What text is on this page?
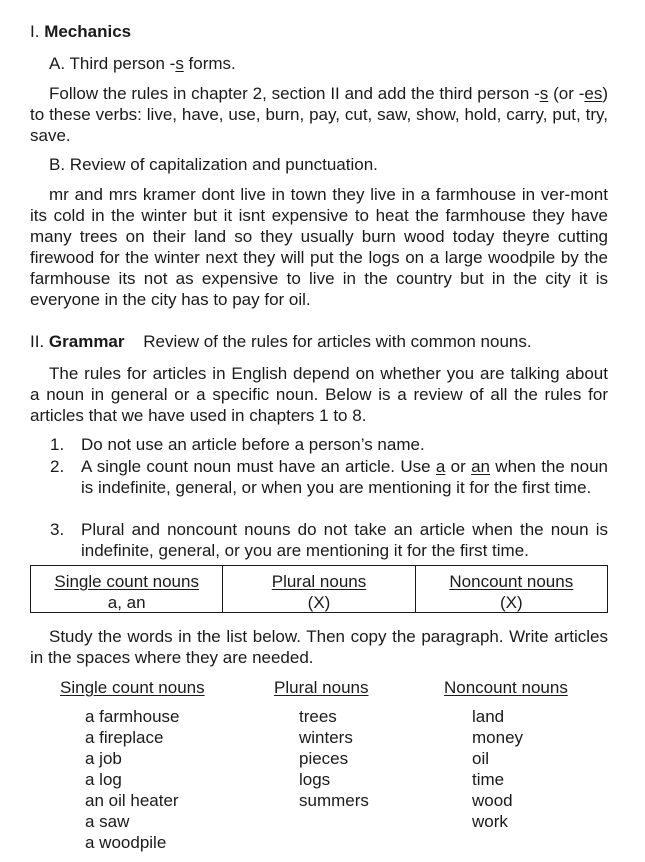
I. Mechanics
A. Third person -s forms.
Follow the rules in chapter 2, section II and add the third person -s (or -es) to these verbs: live, have, use, burn, pay, cut, saw, show, hold, carry, put, try, save.
B. Review of capitalization and punctuation.
mr and mrs kramer dont live in town they live in a farmhouse in ver-mont its cold in the winter but it isnt expensive to heat the farmhouse they have many trees on their land so they usually burn wood today theyre cutting firewood for the winter next they will put the logs on a large woodpile by the farmhouse its not as expensive to live in the country but in the city it is everyone in the city has to pay for oil.
II. Grammar Review of the rules for articles with common nouns.
The rules for articles in English depend on whether you are talking about a noun in general or a specific noun. Below is a review of all the rules for articles that we have used in chapters 1 to 8.
1. Do not use an article before a person’s name.
2. A single count noun must have an article. Use a or an when the noun is indefinite, general, or when you are mentioning it for the first time.
3. Plural and noncount nouns do not take an article when the noun is indefinite, general, or you are mentioning it for the first time.
Single count nouns
a, an
Plural nouns
(X)
Noncount nouns
(X)
Study the words in the list below. Then copy the paragraph. Write articles in the spaces where they are needed.
Single count nouns	Plural nouns	Noncount nouns
a farmhouse
a fireplace
a job
a log
an oil heater
a saw
a woodpile
trees
winters
pieces
logs
summers
land
money
oil
time
wood
work
